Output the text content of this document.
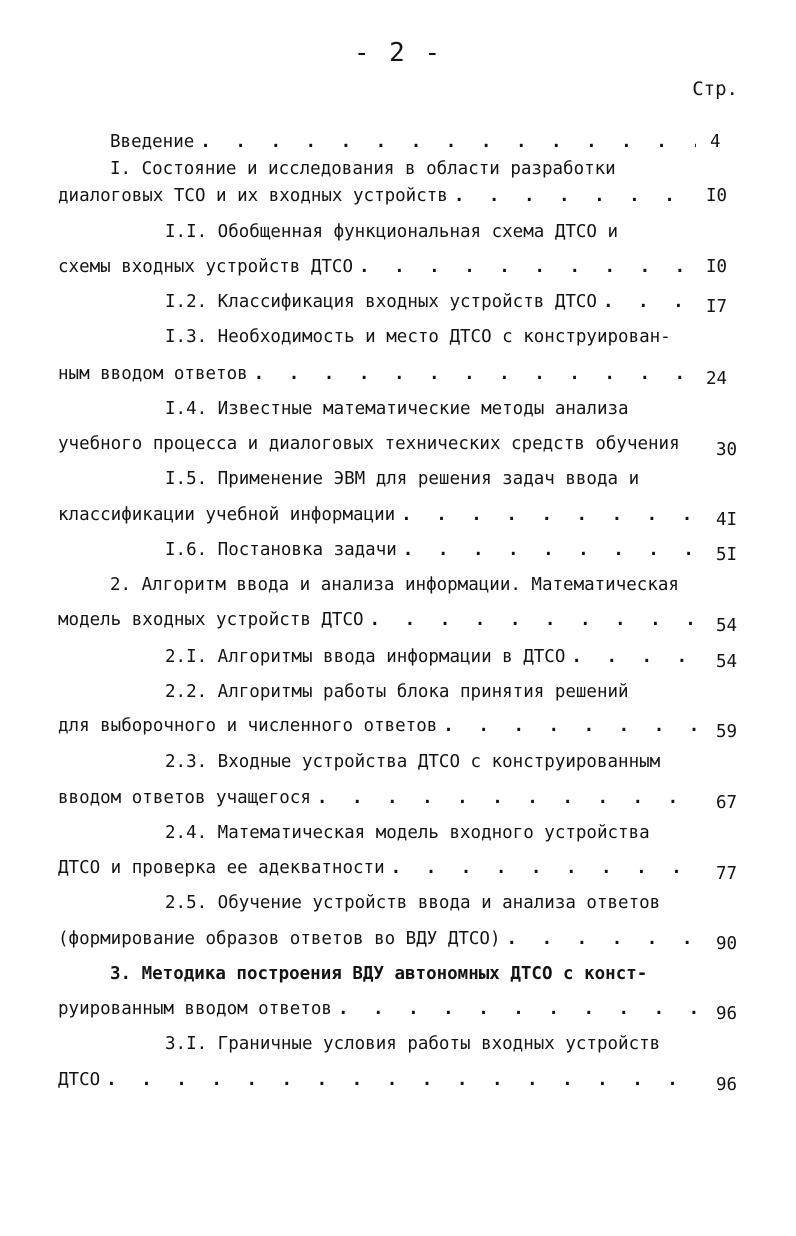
- 2 -
Стр.
Введение . . .	4
I. Состояние и исследования в области разработки
диалоговых ТСО и их входных устройств . . .	I0
I.I. Обобщенная функциональная схема ДТСО и
схемы входных устройств ДТСО . . .	I0
I.2. Классификация входных устройств ДТСО . . .	I7
I.3. Необходимость и место ДТСО с конструирован-
ным вводом ответов . . .	24
I.4. Известные математические методы анализа
учебного процесса и диалоговых технических средств обучения 30
I.5. Применение ЭВМ для решения задач ввода и
классификации учебной информации . . .	4I
I.6. Постановка задачи . . .	5I
2. Алгоритм ввода и анализа информации. Математическая
модель входных устройств ДТСО . . .	54
2.I. Алгоритмы ввода информации в ДТСО . . .	54
2.2. Алгоритмы работы блока принятия решений
для выборочного и численного ответов . . .	59
2.3. Входные устройства ДТСО с конструированным
вводом ответов учащегося . . .	67
2.4. Математическая модель входного устройства
ДТСО и проверка ее адекватности . . .	77
2.5. Обучение устройств ввода и анализа ответов
(формирование образов ответов во ВДУ ДТСО) . . .	90
3. Методика построения ВДУ автономных ДТСО с конст-
руированным вводом ответов . . .	96
3.I. Граничные условия работы входных устройств
ДТСО . . .	96
